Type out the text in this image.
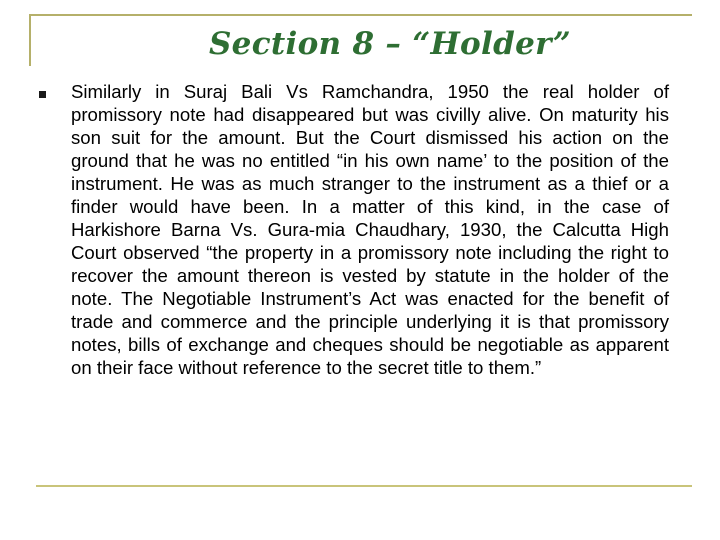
Section 8 – “Holder”

Similarly in Suraj Bali Vs Ramchandra, 1950 the real holder of promissory note had disappeared but was civilly alive. On maturity his son suit for the amount. But the Court dismissed his action on the ground that he was no entitled “in his own name’ to the position of the instrument. He was as much stranger to the instrument as a thief or a finder would have been. In a matter of this kind, in the case of Harkishore Barna Vs. Gura-mia Chaudhary, 1930, the Calcutta High Court observed “the property in a promissory note including the right to recover the amount thereon is vested by statute in the holder of the note. The Negotiable Instrument’s Act was enacted for the benefit of trade and commerce and the principle underlying it is that promissory notes, bills of exchange and cheques should be negotiable as apparent on their face without reference to the secret title to them.”
